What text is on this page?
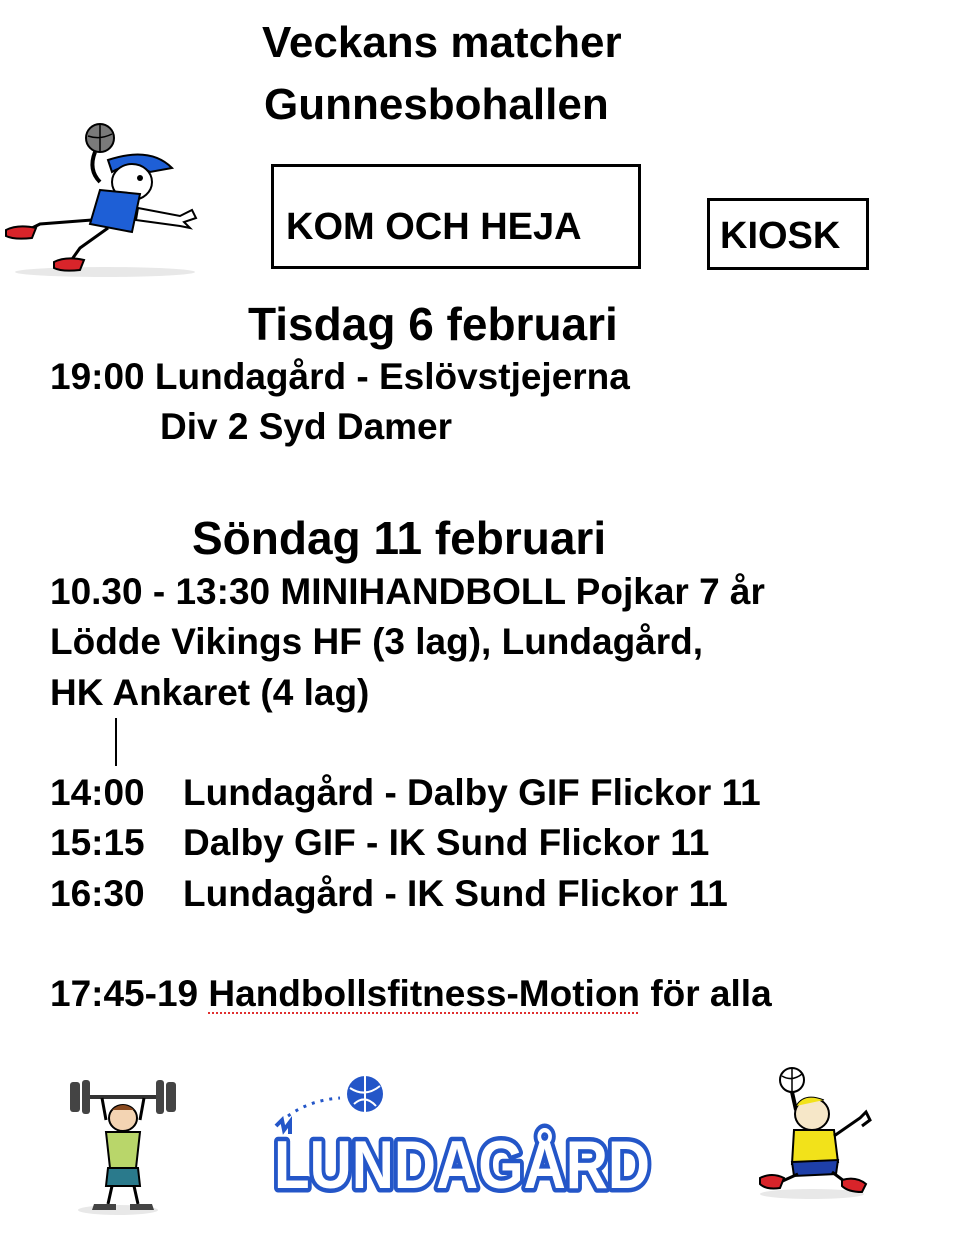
Veckans matcher
Gunnesbohallen
KOM OCH HEJA	KIOSK
Tisdag 6 februari
19:00 Lundagård - Eslövstjejerna
Div 2 Syd Damer
Söndag 11 februari
10.30 - 13:30 MINIHANDBOLL Pojkar 7 år
Lödde Vikings HF (3 lag), Lundagård,
HK Ankaret (4 lag)
14:00 Lundagård - Dalby GIF Flickor 11
15:15 Dalby GIF - IK Sund Flickor 11
16:30 Lundagård - IK Sund Flickor 11
17:45-19 Handbollsfitness-Motion för alla
LUNDAGÅRD
